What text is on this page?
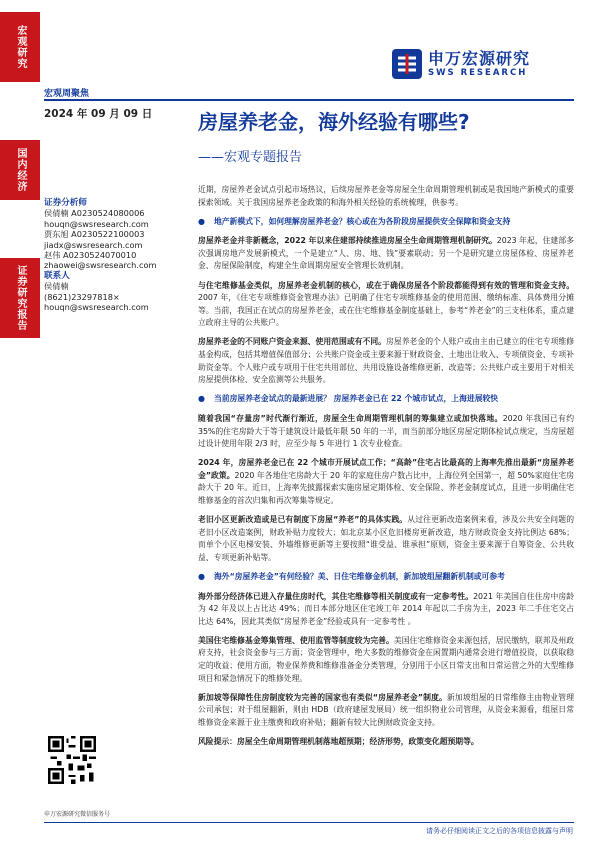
宏观研究
国内经济
证券研究报告
申万宏源研究
SWS RESEARCH
宏观周聚焦
2024 年 09 月 09 日 房屋养老金，海外经验有哪些?
——宏观专题报告
证券分析师
侯倩楠 A0230524080006
houqn@swsresearch.com
贾东旭 A0230522100003
jiadx@swsresearch.com
赵伟 A0230524070010
zhaowei@swsresearch.com
联系人
侯倩楠
(8621)23297818×
houqn@swsresearch.com
申万宏源研究微信服务号

近期，房屋养老金试点引起市场热议，后续房屋养老金等房屋全生命周期管理机制或是我国地产新模式的重要探索领域。关于我国房屋养老金政策的和海外相关经验的系统梳理，供参考。

●	地产新模式下，如何理解房屋养老金？核心或在为各阶段房屋提供安全保障和资金支持

房屋养老金并非新概念，2022 年以来住建部持续推进房屋全生命周期管理机制研究。2023 年起，住建部多次强调房地产发展新模式，一个是建立“人、房、地、钱”要素联动；另一个是研究建立房屋体检、房屋养老金、房屋保险制度，构建全生命周期房屋安全管理长效机制。

与住宅维修基金类似，房屋养老金机制的核心，或在于确保房屋各个阶段都能得到有效的管理和资金支持。2007 年，《住宅专项维修资金管理办法》已明确了住宅专项维修基金的使用范围、缴纳标准、具体费用分摊等。当前，我国正在试点的房屋养老金，或在住宅维修基金制度基础上，参考“养老金”的三支柱体系，重点建立政府主导的公共账户。

房屋养老金的不同账户资金来源、使用范围或有不同。房屋养老金的个人账户或由主由已建立的住宅专项维修基金构成，包括其增值保值部分；公共账户资金或主要来源于财政资金、土地出让收入、专项债资金、专项补助资金等。个人账户或专项用于住宅共用部位、共用设施设备维修更新、改造等；公共账户或主要用于对相关房屋提供体检、安全监测等公共服务。

●	当前房屋养老金试点的最新进展？ 房屋养老金已在 22 个城市试点，上海进展较快

随着我国“存量房”时代渐行渐近，房屋全生命周期管理机制的筹集建立或加快落地。2020 年我国已有约 35%的住宅房龄大于等于建筑设计最低年限 50 年的一半，而当前部分地区房屋定期体检试点规定，当房屋超过设计使用年限 2/3 时，应至少每 5 年进行 1 次专业检查。

2024 年，房屋养老金已在 22 个城市开展试点工作；“高龄”住宅占比最高的上海率先推出最新“房屋养老金”政策。2020 年各地住宅房龄大于 20 年的家庭住房户数占比中，上海位列全国第一，超 50%家庭住宅房龄大于 20 年。近日，上海率先披露探索实施房屋定期体检、安全保险、养老金制度试点，且进一步明确住宅维修基金的首次归集和再次筹集等规定。

老旧小区更新改造或是已有制度下房屋“养老”的具体实践。从过往更新改造案例来看，涉及公共安全问题的老旧小区改造案例，财政补贴力度较大；如北京某小区危旧楼房更新改造，地方财政资金支持比例达 68%；而单个小区电梯安装、外墙维修更新等主要按照“谁受益、谁承担”原则，资金主要来源于自筹资金、公共收益、专项更新补贴等。

●	海外“房屋养老金”有何经验？美、日住宅维修金机制，新加坡组屋翻新机制或可参考

海外部分经济体已进入存量住房时代，其住宅维修等相关制度或有一定参考性。2021 年美国自住住房中房龄为 42 年及以上占比达 49%；而日本部分地区住宅竣工年 2014 年起以二手房为主，2023 年二手住宅交占比达 64%，因此其类似“房屋养老金”经验或具有一定参考性 。

美国住宅维修基金筹集管理、使用监管等制度较为完善。美国住宅维修资金来源包括，居民缴纳，联邦及州政府支持，社会资金参与三方面；资金管理中，绝大多数的维修资金在闲置期内通常会进行增值投资，以获取稳定的收益；使用方面，物业保养费和维修准备金分类管理，分别用于小区日常支出和日常运营之外的大型维修项目和紧急情况下的维修处理。

新加坡等保障性住房制度较为完善的国家也有类似“房屋养老金”制度。新加坡组屋的日常维修主由物业管理公司承包；对于组屋翻新，则由 HDB（政府建屋发展局）统一组织物业公司管理，从资金来源看，组屋日常维修资金来源于业主缴费和政府补贴；翻新有较大比例财政资金支持。

风险提示：房屋全生命周期管理机制落地超预期；经济形势，政策变化超预期等。

请务必仔细阅读正文之后的各项信息披露与声明
